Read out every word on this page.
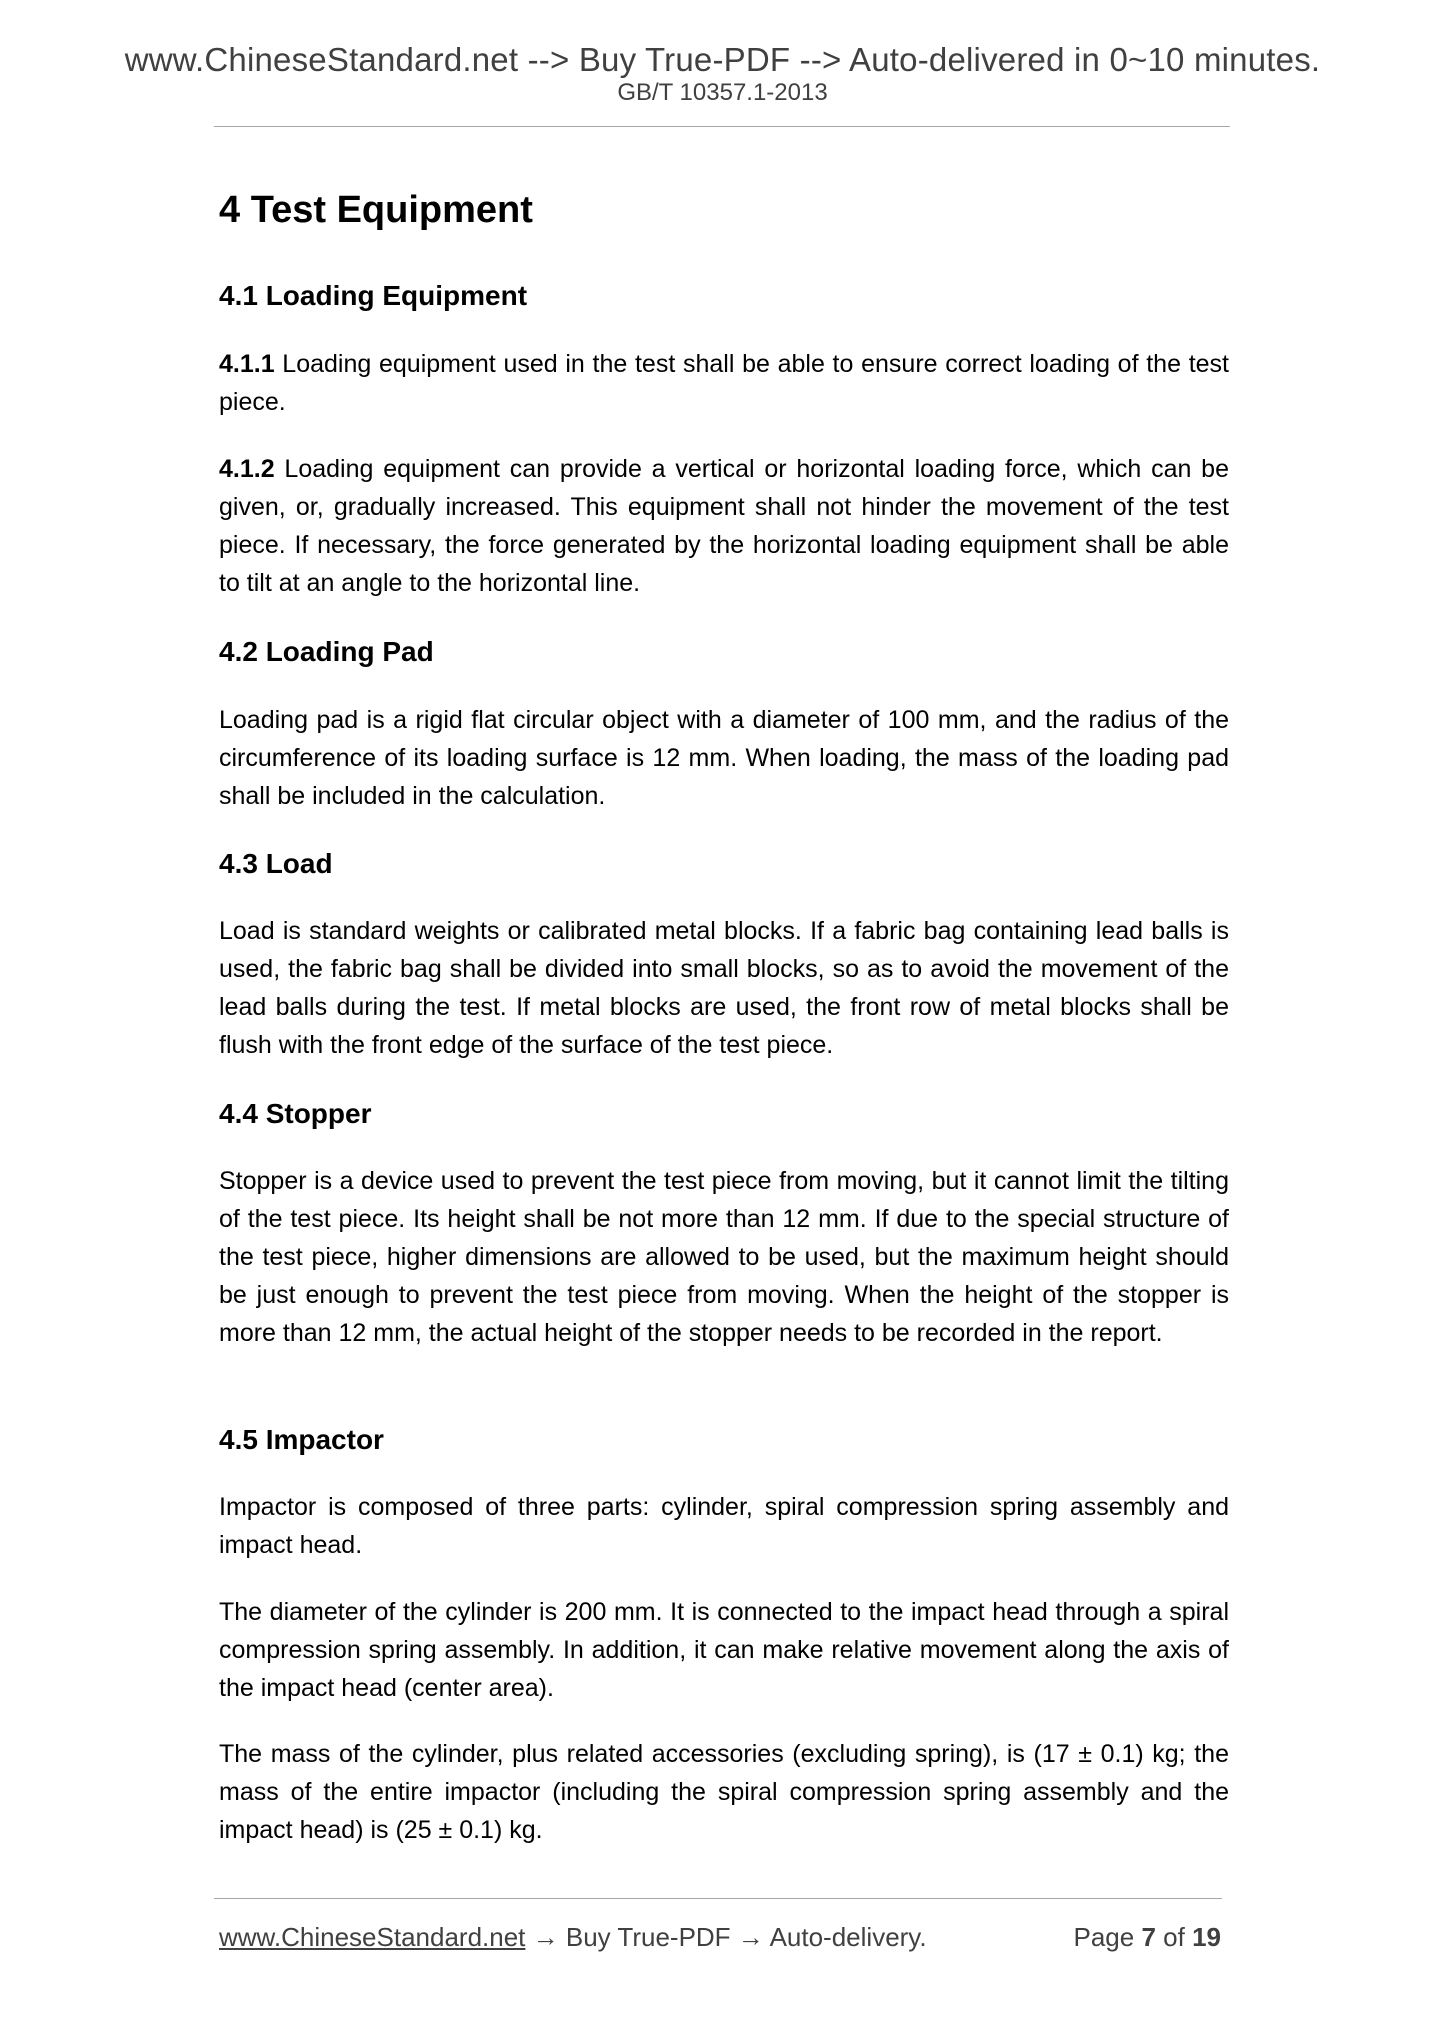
www.ChineseStandard.net --> Buy True-PDF --> Auto-delivered in 0~10 minutes.
GB/T 10357.1-2013
4 Test Equipment
4.1 Loading Equipment

4.1.1 Loading equipment used in the test shall be able to ensure correct loading of the test piece.

4.1.2 Loading equipment can provide a vertical or horizontal loading force, which can be given, or, gradually increased. This equipment shall not hinder the movement of the test piece. If necessary, the force generated by the horizontal loading equipment shall be able to tilt at an angle to the horizontal line.

4.2 Loading Pad

Loading pad is a rigid flat circular object with a diameter of 100 mm, and the radius of the circumference of its loading surface is 12 mm. When loading, the mass of the loading pad shall be included in the calculation.

4.3 Load

Load is standard weights or calibrated metal blocks. If a fabric bag containing lead balls is used, the fabric bag shall be divided into small blocks, so as to avoid the movement of the lead balls during the test. If metal blocks are used, the front row of metal blocks shall be flush with the front edge of the surface of the test piece.

4.4 Stopper

Stopper is a device used to prevent the test piece from moving, but it cannot limit the tilting of the test piece. Its height shall be not more than 12 mm. If due to the special structure of the test piece, higher dimensions are allowed to be used, but the maximum height should be just enough to prevent the test piece from moving. When the height of the stopper is more than 12 mm, the actual height of the stopper needs to be recorded in the report.

4.5 Impactor

Impactor is composed of three parts: cylinder, spiral compression spring assembly and impact head.

The diameter of the cylinder is 200 mm. It is connected to the impact head through a spiral compression spring assembly. In addition, it can make relative movement along the axis of the impact head (center area).

The mass of the cylinder, plus related accessories (excluding spring), is (17 ± 0.1) kg; the mass of the entire impactor (including the spiral compression spring assembly and the impact head) is (25 ± 0.1) kg.

www.ChineseStandard.net → Buy True-PDF → Auto-delivery.	Page 7 of 19
